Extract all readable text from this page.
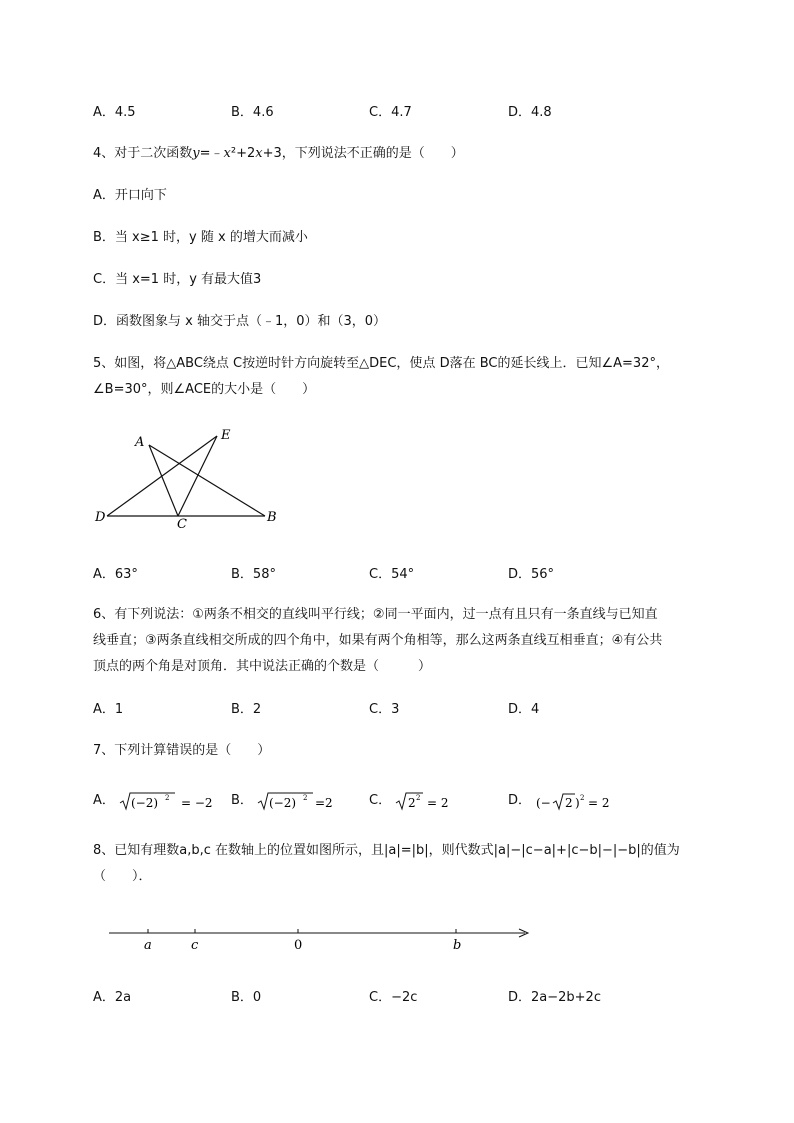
A．4.5	B．4.6	C．4.7	D．4.8
4、对于二次函数y=﹣x²+2x+3，下列说法不正确的是（　　）
A．开口向下
B．当 x≥1 时，y 随 x 的增大而减小
C．当 x=1 时，y 有最大值3
D．函数图象与 x 轴交于点（﹣1，0）和（3，0）
5、如图，将△ABC绕点 C按逆时针方向旋转至△DEC，使点 D落在 BC的延长线上．已知∠A=32°，
∠B=30°，则∠ACE的大小是（　　）
A	E
D	C	B
A．63°	B．58°	C．54°	D．56°
6、有下列说法：①两条不相交的直线叫平行线；②同一平面内，过一点有且只有一条直线与已知直
线垂直；③两条直线相交所成的四个角中，如果有两个角相等，那么这两条直线互相垂直；④有公共
顶点的两个角是对顶角．其中说法正确的个数是（　　　）
A．1	B．2	C．3	D．4
7、下列计算错误的是（　　）
A． (−2) 2 = −2 B． (−2) 2 =2	C． 2 2 = 2	D． (− 2 ) 2 = 2
8、已知有理数a,b,c 在数轴上的位置如图所示，且|a|=|b|，则代数式|a|−|c−a|+|c−b|−|−b|的值为
（　　）．
a	c	0	b
A．2a	B．0	C．−2c	D．2a−2b+2c
